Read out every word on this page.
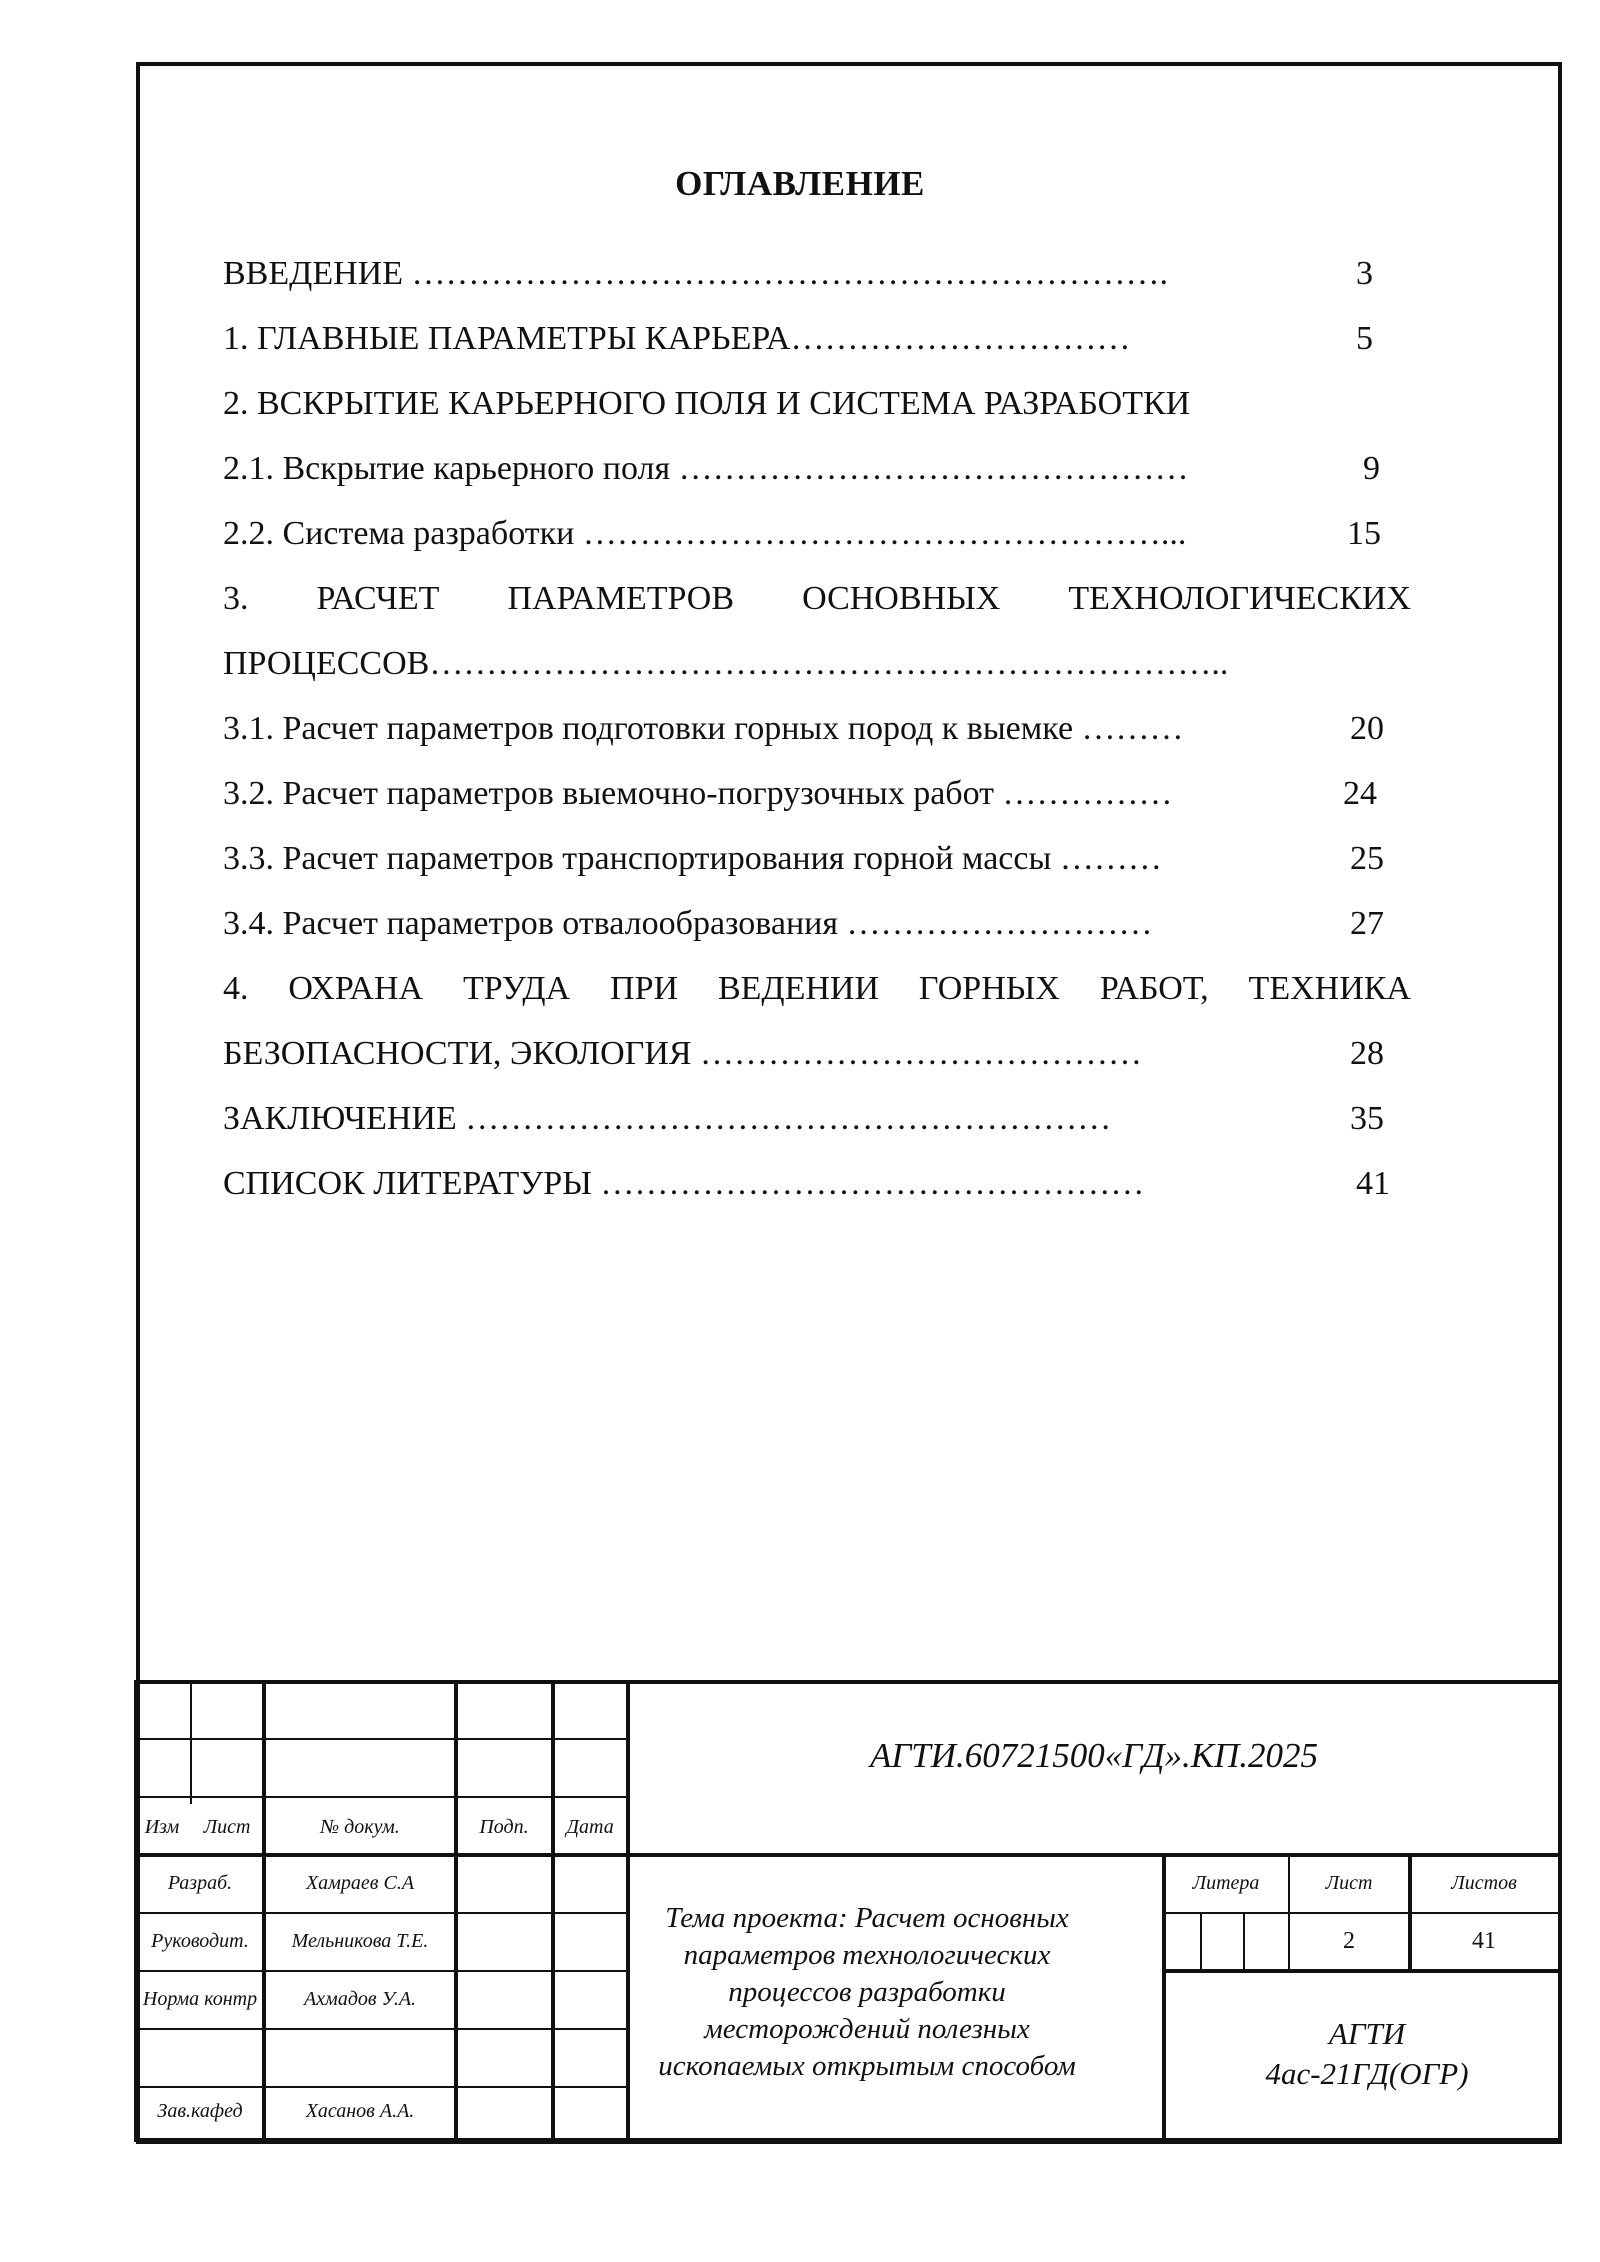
ОГЛАВЛЕНИЕ
ВВЕДЕНИЕ ………………………………………………………….	3
1. ГЛАВНЫЕ ПАРАМЕТРЫ КАРЬЕРА…………………………	5
2. ВСКРЫТИЕ КАРЬЕРНОГО ПОЛЯ И СИСТЕМА РАЗРАБОТКИ
2.1. Вскрытие карьерного поля ………………………………………	9
2.2. Система разработки ……………………………………………...	15
3. РАСЧЕТ ПАРАМЕТРОВ ОСНОВНЫХ ТЕХНОЛОГИЧЕСКИХ
ПРОЦЕССОВ……………………………………………………………..
3.1. Расчет параметров подготовки горных пород к выемке ………	20
3.2. Расчет параметров выемочно-погрузочных работ ……………	24
3.3. Расчет параметров транспортирования горной массы ………	25
3.4. Расчет параметров отвалообразования ………………………	27
4. ОХРАНА ТРУДА ПРИ ВЕДЕНИИ ГОРНЫХ РАБОТ, ТЕХНИКА
БЕЗОПАСНОСТИ, ЭКОЛОГИЯ …………………………………	28
ЗАКЛЮЧЕНИЕ …………………………………………………	35
СПИСОК ЛИТЕРАТУРЫ …………………………………………	41
Изм Лист	№ докум.	Подп. Дата
АГТИ.60721500«ГД».КП.2025
Разраб.	Хамраев С.А
Руководит. Мельникова Т.Е.
Норма контр Ахмадов У.А.
Зав.кафед	Хасанов А.А.
Тема проекта: Расчет основных параметров технологических процессов разработки месторождений полезных ископаемых открытым способом
Литера	Лист	Листов
2	41
АГТИ
4ас-21ГД(ОГР)
